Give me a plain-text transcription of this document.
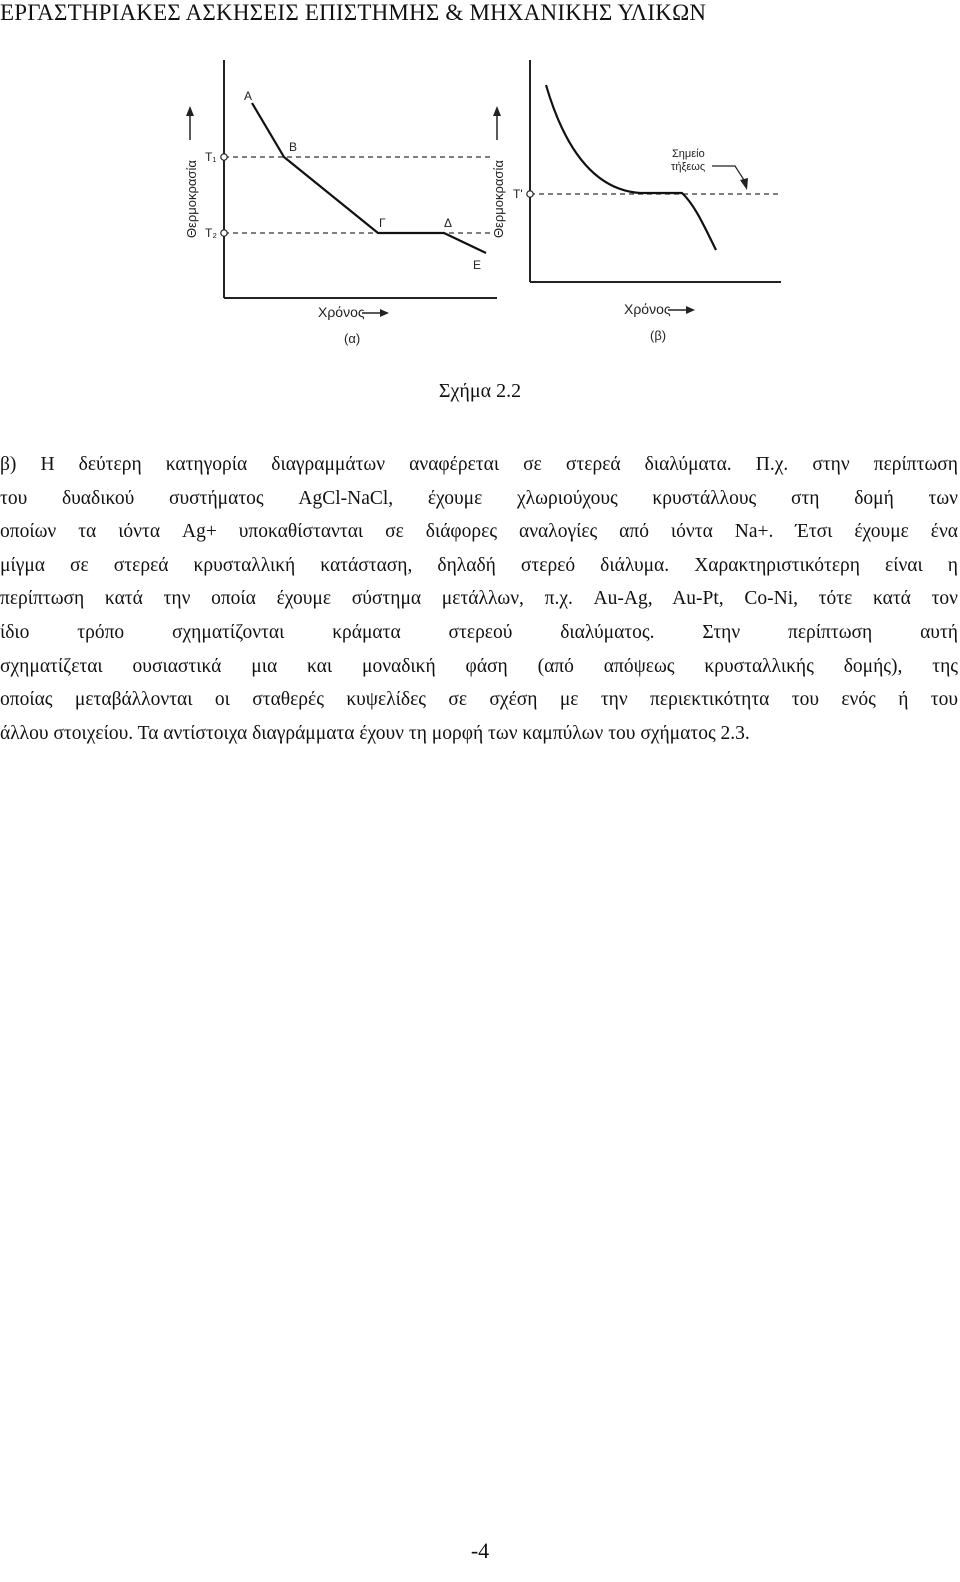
ΕΡΓΑΣΤΗΡΙΑΚΕΣ ΑΣΚΗΣΕΙΣ ΕΠΙΣΤΗΜΗΣ & ΜΗΧΑΝΙΚΗΣ ΥΛΙΚΩΝ
Θερμοκρασία
T₁
T₂
A
B
Γ	Δ
E
Χρόνος
(α)
Θερμοκρασία T'
Σημείο
τήξεως
Χρόνος
(β)
Σχήμα 2.2
β) Η δεύτερη κατηγορία διαγραμμάτων αναφέρεται σε στερεά διαλύματα. Π.χ. στην περίπτωση
του δυαδικού συστήματος AgCl-NaCl, έχουμε χλωριούχους κρυστάλλους στη δομή των
οποίων τα ιόντα Ag+ υποκαθίστανται σε διάφορες αναλογίες από ιόντα Na+. Έτσι έχουμε ένα
μίγμα σε στερεά κρυσταλλική κατάσταση, δηλαδή στερεό διάλυμα. Χαρακτηριστικότερη είναι η
περίπτωση κατά την οποία έχουμε σύστημα μετάλλων, π.χ. Au-Ag, Au-Pt, Co-Ni, τότε κατά τον
ίδιο τρόπο σχηματίζονται κράματα στερεού διαλύματος. Στην περίπτωση αυτή
σχηματίζεται ουσιαστικά μια και μοναδική φάση (από απόψεως κρυσταλλικής δομής), της
οποίας μεταβάλλονται οι σταθερές κυψελίδες σε σχέση με την περιεκτικότητα του ενός ή του
άλλου στοιχείου. Τα αντίστοιχα διαγράμματα έχουν τη μορφή των καμπύλων του σχήματος 2.3.
-4
